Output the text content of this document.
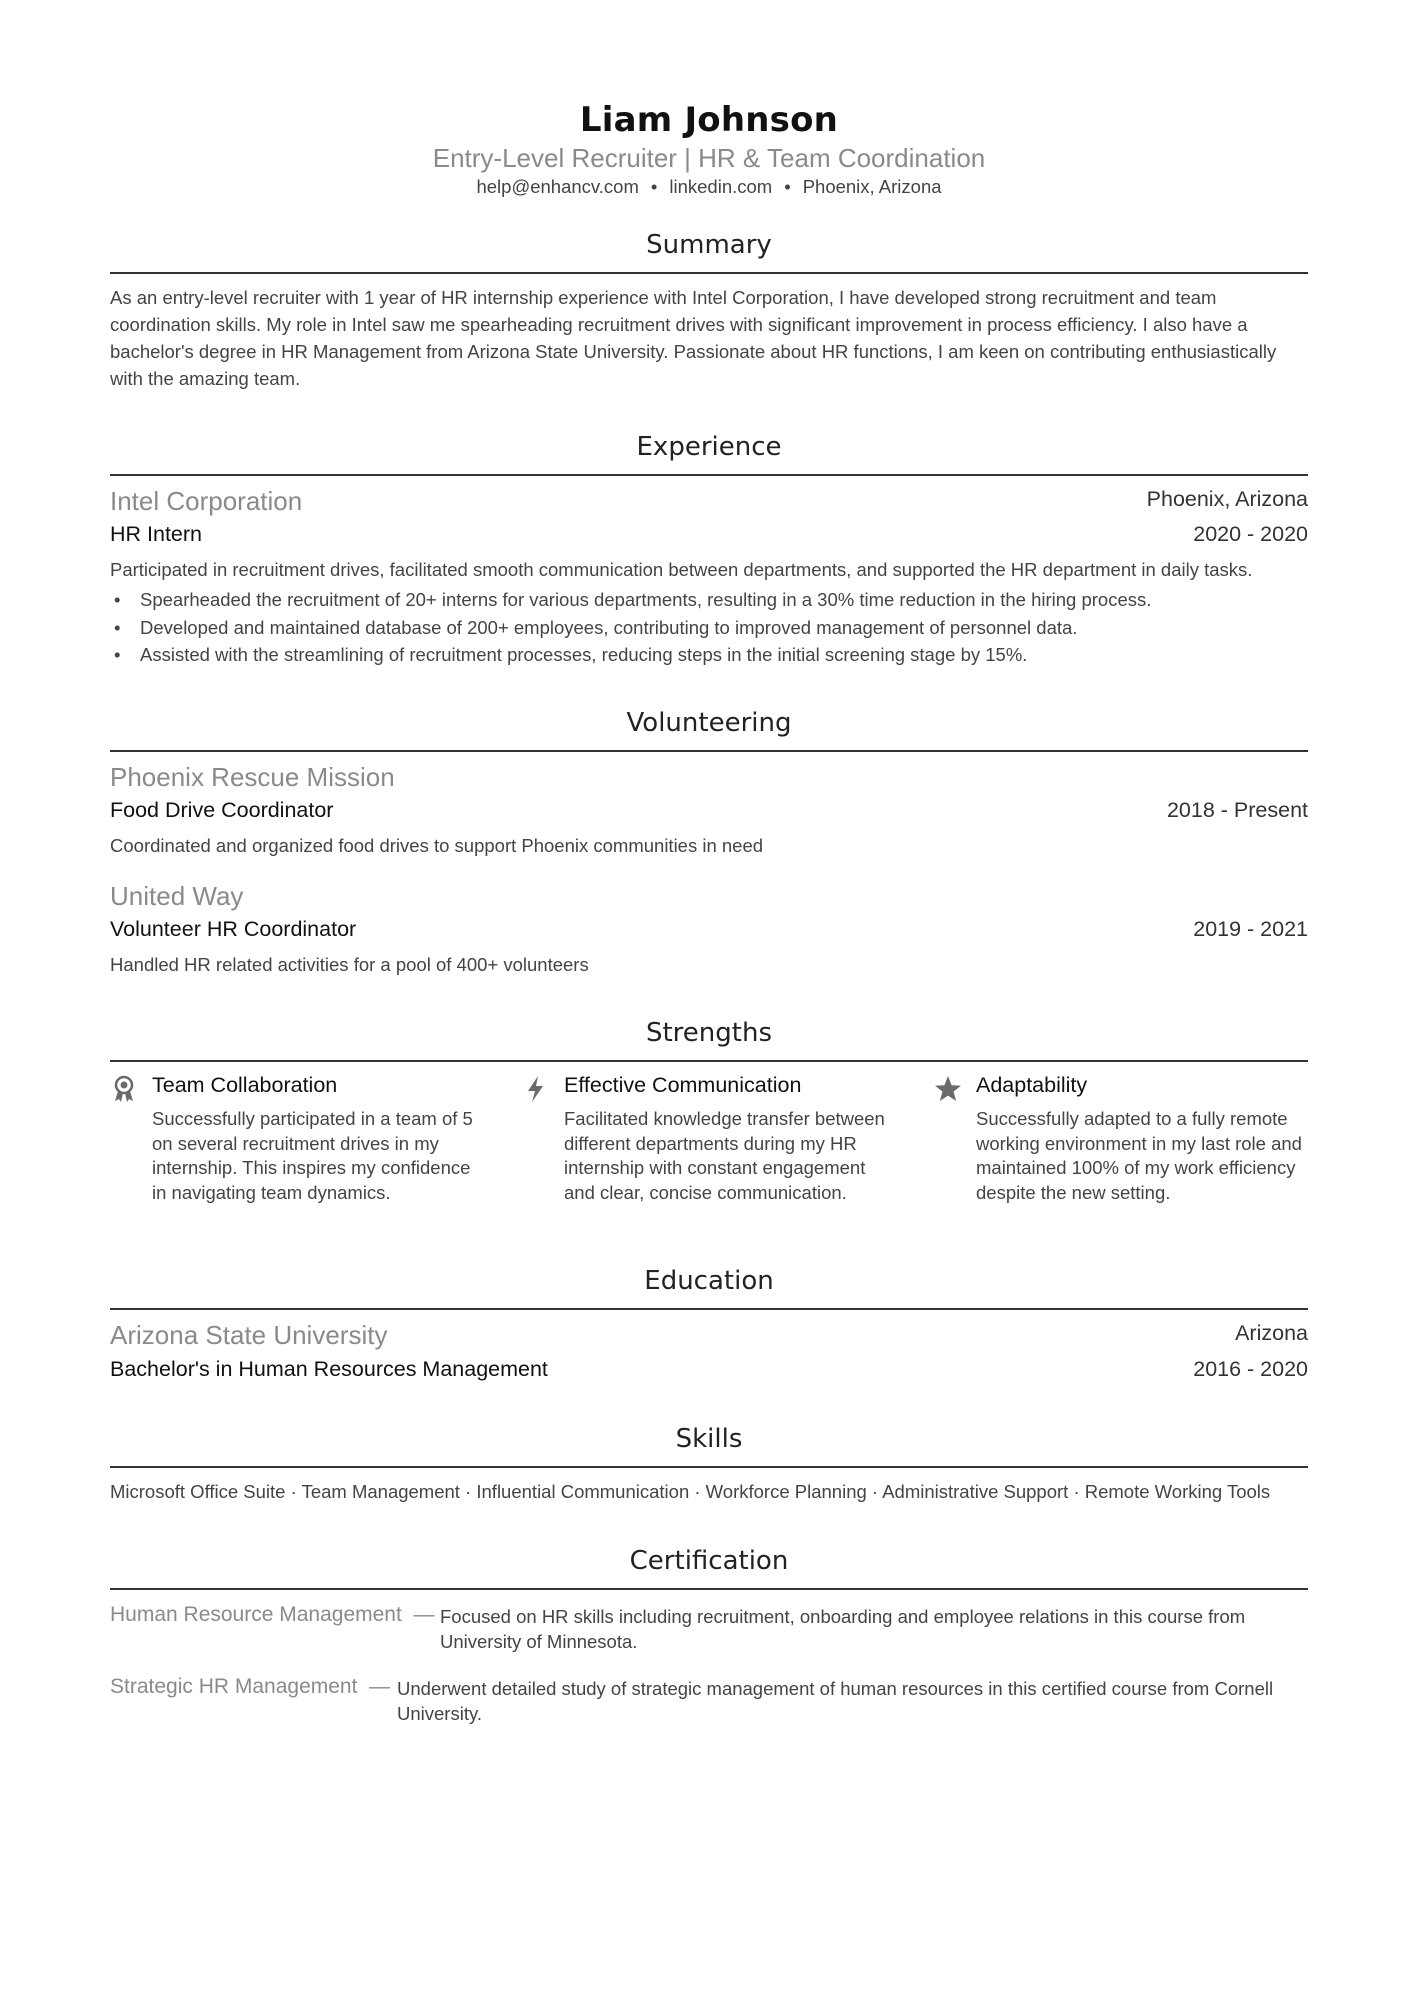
Liam Johnson
Entry-Level Recruiter | HR & Team Coordination
help@enhancv.com • linkedin.com • Phoenix, Arizona
Summary
As an entry-level recruiter with 1 year of HR internship experience with Intel Corporation, I have developed strong recruitment and team coordination skills. My role in Intel saw me spearheading recruitment drives with significant improvement in process efficiency. I also have a bachelor's degree in HR Management from Arizona State University. Passionate about HR functions, I am keen on contributing enthusiastically with the amazing team.
Experience
Intel Corporation	Phoenix, Arizona
HR Intern	2020 - 2020
Participated in recruitment drives, facilitated smooth communication between departments, and supported the HR department in daily tasks.
• Spearheaded the recruitment of 20+ interns for various departments, resulting in a 30% time reduction in the hiring process.
• Developed and maintained database of 200+ employees, contributing to improved management of personnel data.
• Assisted with the streamlining of recruitment processes, reducing steps in the initial screening stage by 15%.
Volunteering
Phoenix Rescue Mission
Food Drive Coordinator	2018 - Present
Coordinated and organized food drives to support Phoenix communities in need
United Way
Volunteer HR Coordinator	2019 - 2021
Handled HR related activities for a pool of 400+ volunteers
Strengths
Team Collaboration
Successfully participated in a team of 5 on several recruitment drives in my internship. This inspires my confidence in navigating team dynamics.
Effective Communication
Facilitated knowledge transfer between different departments during my HR internship with constant engagement and clear, concise communication.
Adaptability
Successfully adapted to a fully remote working environment in my last role and maintained 100% of my work efficiency despite the new setting.
Education
Arizona State University	Arizona
Bachelor's in Human Resources Management	2016 - 2020
Skills
Microsoft Office Suite · Team Management · Influential Communication · Workforce Planning · Administrative Support · Remote Working Tools
Certification
Human Resource Management — Focused on HR skills including recruitment, onboarding and employee relations in this course from University of Minnesota.
Strategic HR Management — Underwent detailed study of strategic management of human resources in this certified course from Cornell University.
